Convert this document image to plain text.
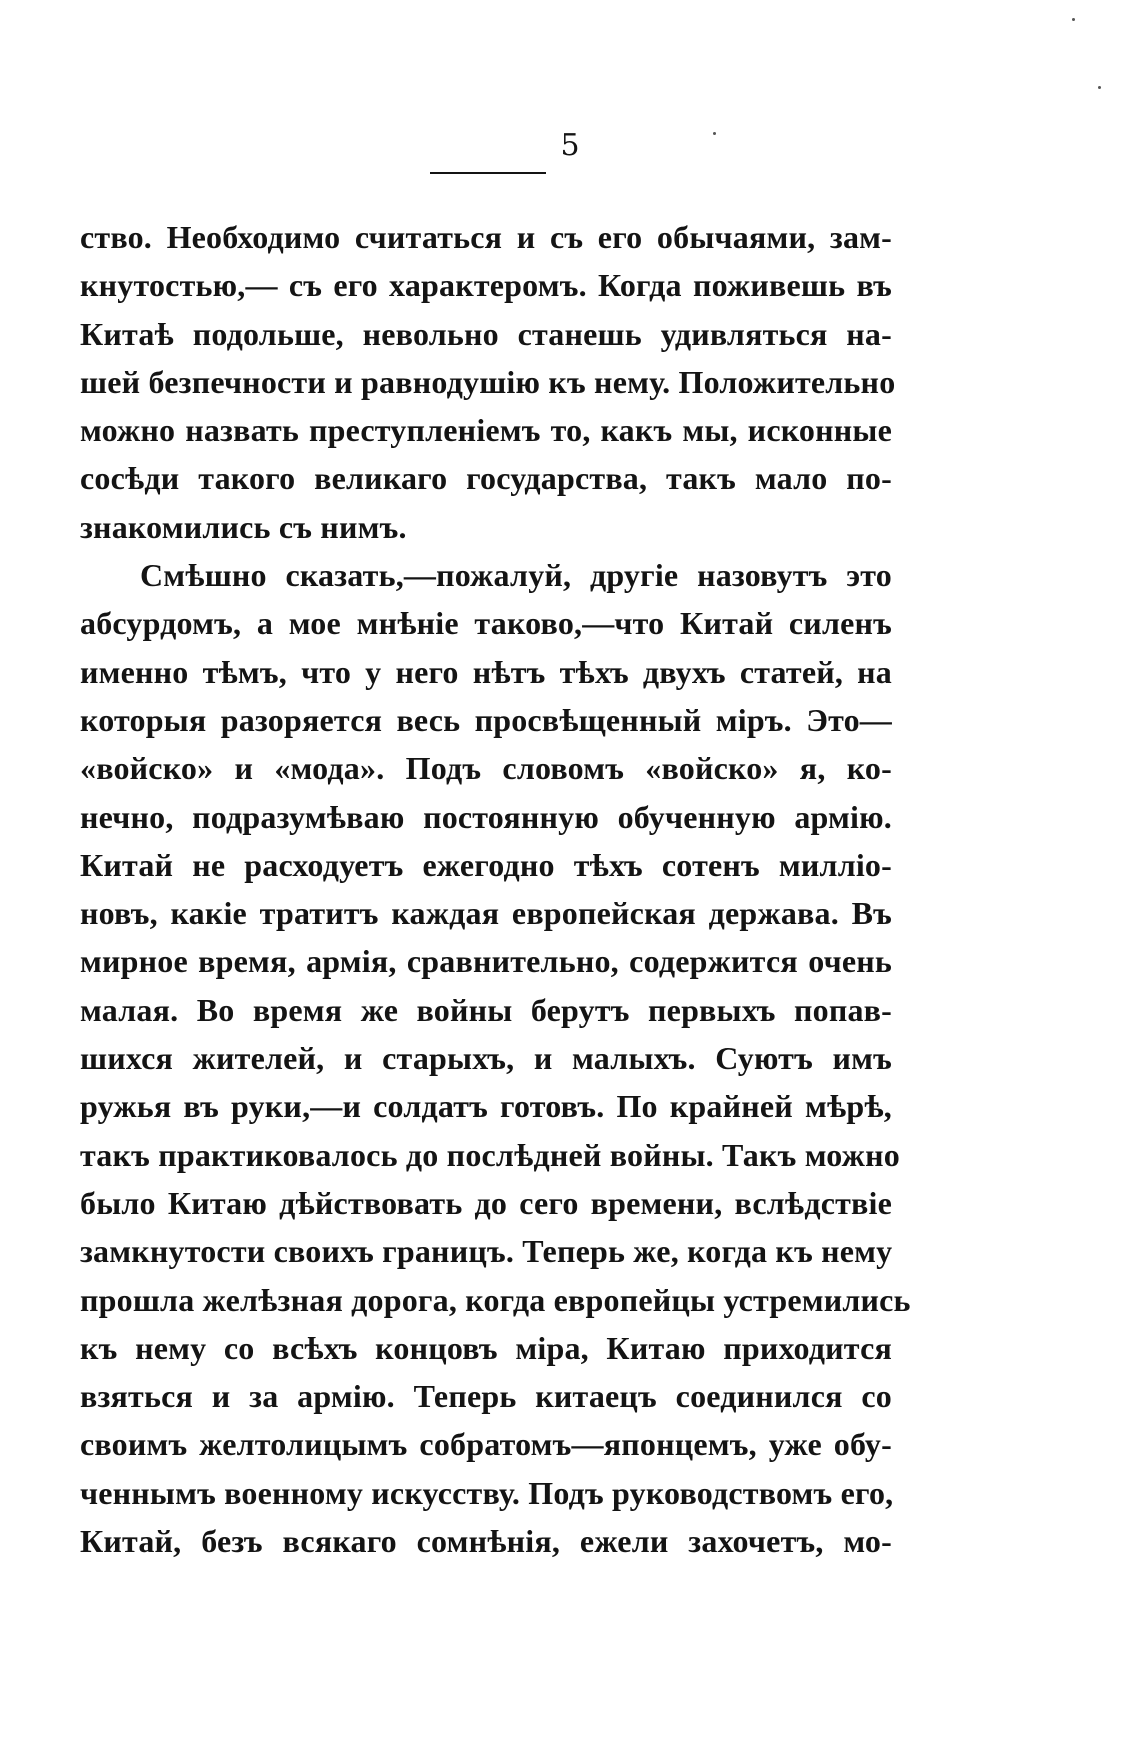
5
ство. Необходимо считаться и съ его обычаями, зам-
кнутостью,— съ его характеромъ. Когда поживешь въ
Китаѣ подольше, невольно станешь удивляться на-
шей безпечности и равнодушію къ нему. Положительно
можно назвать преступленіемъ то, какъ мы, исконные
сосѣди такого великаго государства, такъ мало по-
знакомились съ нимъ.
Смѣшно сказать,—пожалуй, другіе назовутъ это
абсурдомъ, а мое мнѣніе таково,—что Китай силенъ
именно тѣмъ, что у него нѣтъ тѣхъ двухъ статей, на
которыя разоряется весь просвѣщенный міръ. Это—
«войско» и «мода». Подъ словомъ «войско» я, ко-
нечно, подразумѣваю постоянную обученную армію.
Китай не расходуетъ ежегодно тѣхъ сотенъ милліо-
новъ, какіе тратитъ каждая европейская держава. Въ
мирное время, армія, сравнительно, содержится очень
малая. Во время же войны берутъ первыхъ попав-
шихся жителей, и старыхъ, и малыхъ. Суютъ имъ
ружья въ руки,—и солдатъ готовъ. По крайней мѣрѣ,
такъ практиковалось до послѣдней войны. Такъ можно
было Китаю дѣйствовать до сего времени, вслѣдствіе
замкнутости своихъ границъ. Теперь же, когда къ нему
прошла желѣзная дорога, когда европейцы устремились
къ нему со всѣхъ концовъ міра, Китаю приходится
взяться и за армію. Теперь китаецъ соединился со
своимъ желтолицымъ собратомъ—японцемъ, уже обу-
ченнымъ военному искусству. Подъ руководствомъ его,
Китай, безъ всякаго сомнѣнія, ежели захочетъ, мо-
